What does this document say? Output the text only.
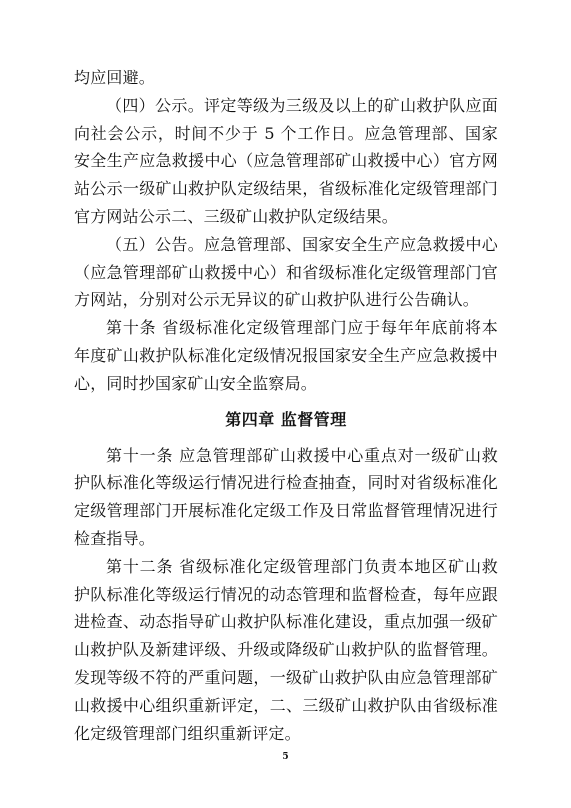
均应回避。

（四）公示。评定等级为三级及以上的矿山救护队应面向社会公示，时间不少于 5 个工作日。应急管理部、国家安全生产应急救援中心（应急管理部矿山救援中心）官方网站公示一级矿山救护队定级结果，省级标准化定级管理部门官方网站公示二、三级矿山救护队定级结果。

（五）公告。应急管理部、国家安全生产应急救援中心（应急管理部矿山救援中心）和省级标准化定级管理部门官方网站，分别对公示无异议的矿山救护队进行公告确认。

第十条 省级标准化定级管理部门应于每年年底前将本年度矿山救护队标准化定级情况报国家安全生产应急救援中心，同时抄国家矿山安全监察局。

第四章 监督管理

第十一条 应急管理部矿山救援中心重点对一级矿山救护队标准化等级运行情况进行检查抽查，同时对省级标准化定级管理部门开展标准化定级工作及日常监督管理情况进行检查指导。

第十二条 省级标准化定级管理部门负责本地区矿山救护队标准化等级运行情况的动态管理和监督检查，每年应跟进检查、动态指导矿山救护队标准化建设，重点加强一级矿山救护队及新建评级、升级或降级矿山救护队的监督管理。发现等级不符的严重问题，一级矿山救护队由应急管理部矿山救援中心组织重新评定，二、三级矿山救护队由省级标准化定级管理部门组织重新评定。

5
